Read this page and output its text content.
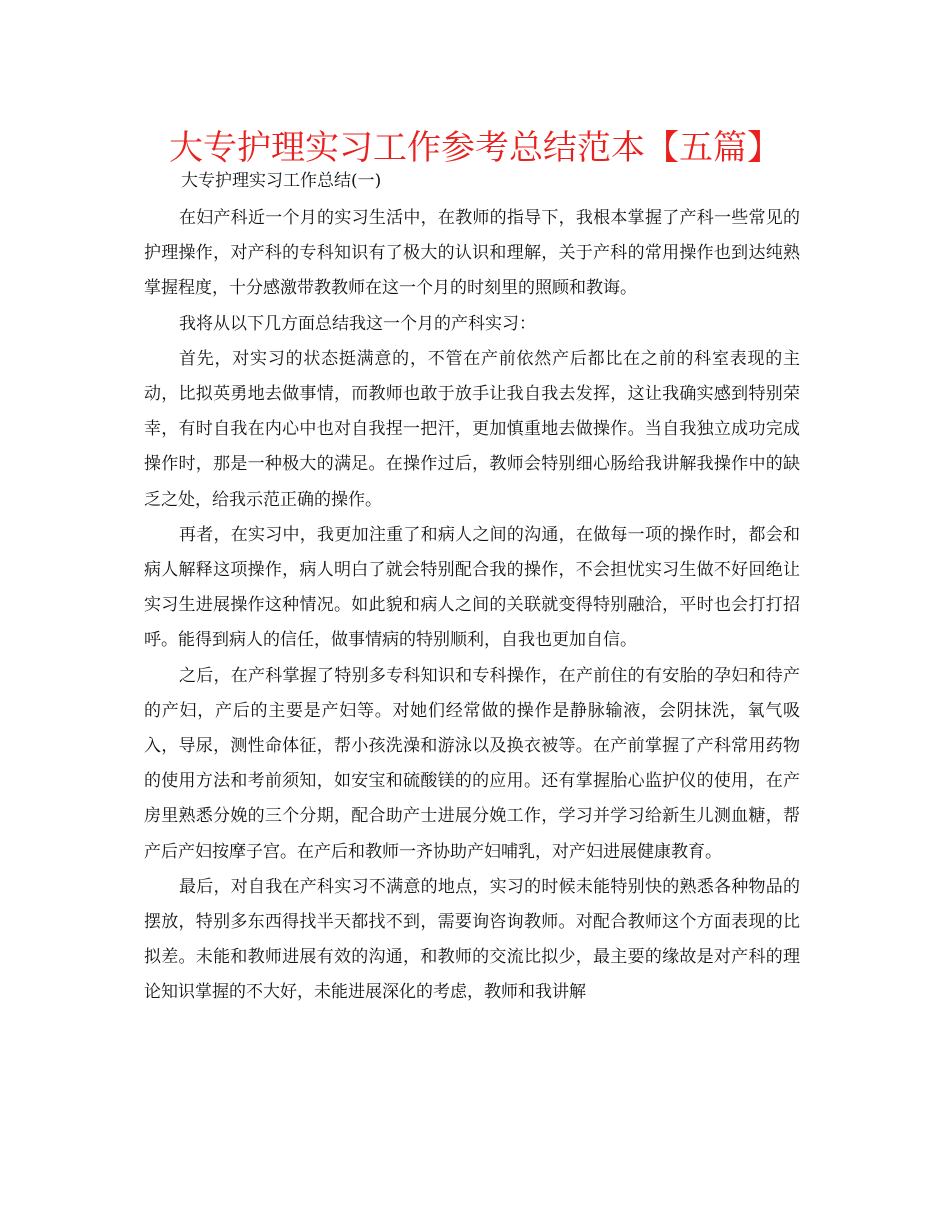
大专护理实习工作参考总结范本【五篇】

大专护理实习工作总结(一)

在妇产科近一个月的实习生活中，在教师的指导下，我根本掌握了产科一些常见的护理操作，对产科的专科知识有了极大的认识和理解，关于产科的常用操作也到达纯熟掌握程度，十分感激带教教师在这一个月的时刻里的照顾和教诲。

我将从以下几方面总结我这一个月的产科实习：

首先，对实习的状态挺满意的，不管在产前依然产后都比在之前的科室表现的主动，比拟英勇地去做事情，而教师也敢于放手让我自我去发挥，这让我确实感到特别荣幸，有时自我在内心中也对自我捏一把汗，更加慎重地去做操作。当自我独立成功完成操作时，那是一种极大的满足。在操作过后，教师会特别细心肠给我讲解我操作中的缺乏之处，给我示范正确的操作。

再者，在实习中，我更加注重了和病人之间的沟通，在做每一项的操作时，都会和病人解释这项操作，病人明白了就会特别配合我的操作，不会担忧实习生做不好回绝让实习生进展操作这种情况。如此貌和病人之间的关联就变得特别融洽，平时也会打打招呼。能得到病人的信任，做事情病的特别顺利，自我也更加自信。

之后，在产科掌握了特别多专科知识和专科操作，在产前住的有安胎的孕妇和待产的产妇，产后的主要是产妇等。对她们经常做的操作是静脉输液，会阴抹洗，氧气吸入，导尿，测性命体征，帮小孩洗澡和游泳以及换衣被等。在产前掌握了产科常用药物的使用方法和考前须知，如安宝和硫酸镁的的应用。还有掌握胎心监护仪的使用，在产房里熟悉分娩的三个分期，配合助产士进展分娩工作，学习并学习给新生儿测血糖，帮产后产妇按摩子宫。在产后和教师一齐协助产妇哺乳，对产妇进展健康教育。

最后，对自我在产科实习不满意的地点，实习的时候未能特别快的熟悉各种物品的摆放，特别多东西得找半天都找不到，需要询咨询教师。对配合教师这个方面表现的比拟差。未能和教师进展有效的沟通，和教师的交流比拟少，最主要的缘故是对产科的理论知识掌握的不大好，未能进展深化的考虑，教师和我讲解
